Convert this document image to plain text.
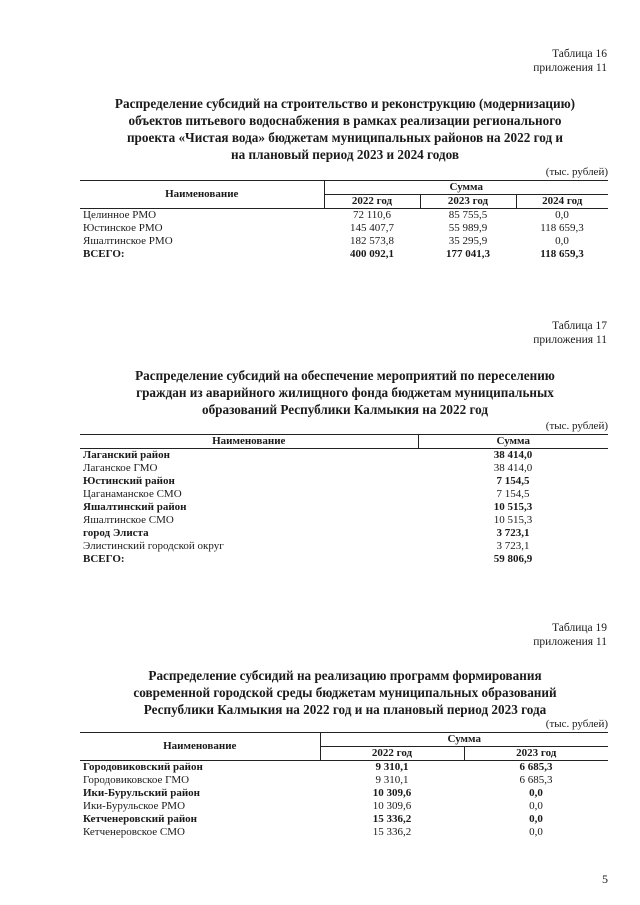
Таблица 16
приложения 11
Распределение субсидий на строительство и реконструкцию (модернизацию)
объектов питьевого водоснабжения в рамках реализации регионального
проекта «Чистая вода» бюджетам муниципальных районов на 2022 год и
на плановый период 2023 и 2024 годов
(тыс. рублей)
Наименование	Сумма		
	2022 год	2023 год	2024 год
Целинное РМО	72 110,6	85 755,5	0,0
Юстинское РМО	145 407,7	55 989,9	118 659,3
Яшалтинское РМО	182 573,8	35 295,9	0,0
ВСЕГО:	400 092,1	177 041,3	118 659,3
Таблица 17
приложения 11
Распределение субсидий на обеспечение мероприятий по переселению
граждан из аварийного жилищного фонда бюджетам муниципальных
образований Республики Калмыкия на 2022 год
(тыс. рублей)
Наименование	Сумма
Лаганский район	38 414,0
Лаганское ГМО	38 414,0
Юстинский район	7 154,5
Цаганаманское СМО	7 154,5
Яшалтинский район	10 515,3
Яшалтинское СМО	10 515,3
город Элиста	3 723,1
Элистинский городской округ	3 723,1
ВСЕГО:	59 806,9
Таблица 19
приложения 11
Распределение субсидий на реализацию программ формирования
современной городской среды бюджетам муниципальных образований
Республики Калмыкия на 2022 год и на плановый период 2023 года
(тыс. рублей)
Наименование	Сумма	
	2022 год	2023 год
Городовиковский район	9 310,1	6 685,3
Городовиковское ГМО	9 310,1	6 685,3
Ики-Бурульский район	10 309,6	0,0
Ики-Бурульское РМО	10 309,6	0,0
Кетченеровский район	15 336,2	0,0
Кетченеровское СМО	15 336,2	0,0
5
